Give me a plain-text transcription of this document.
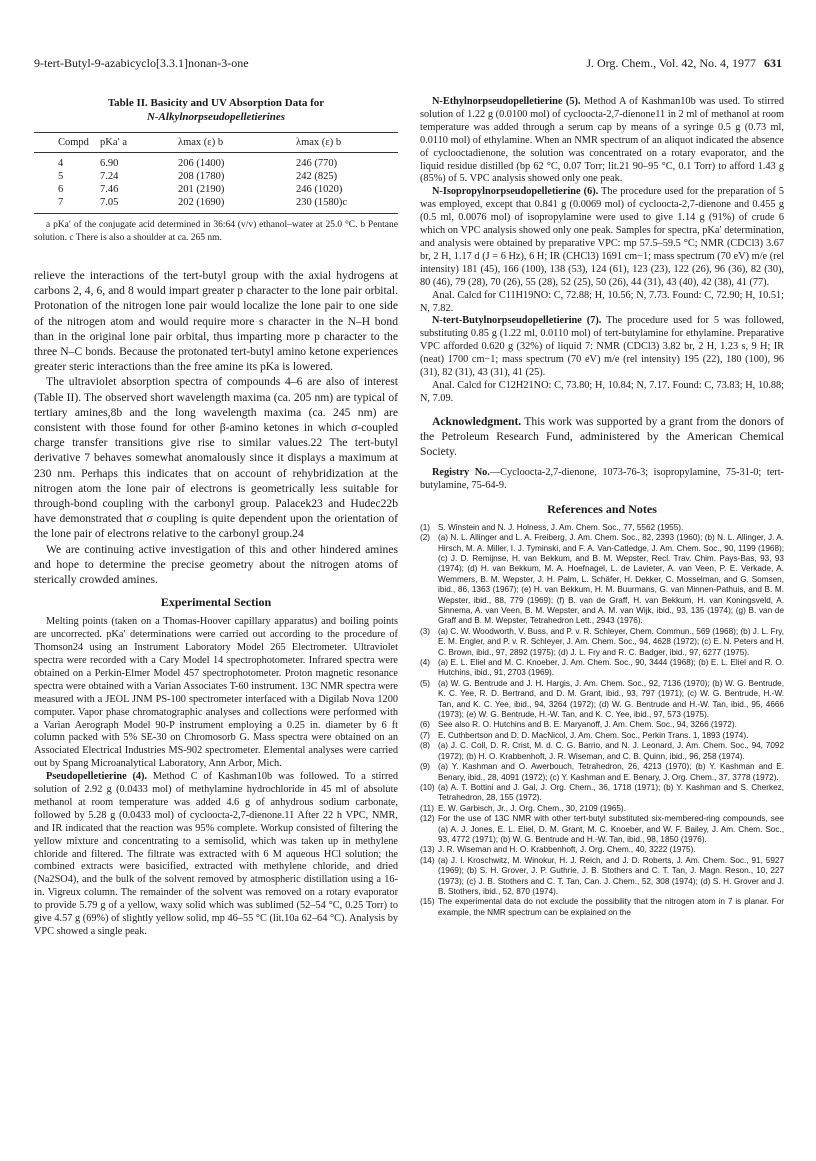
9-tert-Butyl-9-azabicyclo[3.3.1]nonan-3-one	J. Org. Chem., Vol. 42, No. 4, 1977 631
Table II. Basicity and UV Absorption Data for
N-Alkylnorpseudopelletierines
Compd	pKa′ a	λmax (ε) b	λmax (ε) b
4	6.90	206 (1400)	246 (770)
5	7.24	208 (1780)	242 (825)
6	7.46	201 (2190)	246 (1020)
7	7.05	202 (1690)	230 (1580)c
a pKa′ of the conjugate acid determined in 36:64 (v/v) ethanol–water at 25.0 °C. b Pentane solution. c There is also a shoulder at ca. 265 nm.

relieve the interactions of the tert-butyl group with the axial hydrogens at carbons 2, 4, 6, and 8 would impart greater p character to the lone pair orbital. Protonation of the nitrogen lone pair would localize the lone pair to one side of the nitrogen atom and would require more s character in the N–H bond than in the original lone pair orbital, thus imparting more p character to the three N–C bonds. Because the protonated tert-butyl amino ketone experiences greater steric interactions than the free amine its pKa is lowered.

The ultraviolet absorption spectra of compounds 4–6 are also of interest (Table II). The observed short wavelength maxima (ca. 205 nm) are typical of tertiary amines,8b and the long wavelength maxima (ca. 245 nm) are consistent with those found for other β-amino ketones in which σ-coupled charge transfer transitions give rise to similar values.22 The tert-butyl derivative 7 behaves somewhat anomalously since it displays a maximum at 230 nm. Perhaps this indicates that on account of rehybridization at the nitrogen atom the lone pair of electrons is geometrically less suitable for through-bond coupling with the carbonyl group. Palacek23 and Hudec22b have demonstrated that σ coupling is quite dependent upon the orientation of the lone pair of electrons relative to the carbonyl group.24

We are continuing active investigation of this and other hindered amines and hope to determine the precise geometry about the nitrogen atoms of sterically crowded amines.

Experimental Section

Melting points (taken on a Thomas-Hoover capillary apparatus) and boiling points are uncorrected. pKa′ determinations were carried out according to the procedure of Thomson24 using an Instrument Laboratory Model 265 Electrometer. Ultraviolet spectra were recorded with a Cary Model 14 spectrophotometer. Infrared spectra were obtained on a Perkin-Elmer Model 457 spectrophotometer. Proton magnetic resonance spectra were obtained with a Varian Associates T-60 instrument. 13C NMR spectra were measured with a JEOL JNM PS-100 spectrometer interfaced with a Digilab Nova 1200 computer. Vapor phase chromatographic analyses and collections were performed with a Varian Aerograph Model 90-P instrument employing a 0.25 in. diameter by 6 ft column packed with 5% SE-30 on Chromosorb G. Mass spectra were obtained on an Associated Electrical Industries MS-902 spectrometer. Elemental analyses were carried out by Spang Microanalytical Laboratory, Ann Arbor, Mich.

Pseudopelletierine (4). Method C of Kashman10b was followed. To a stirred solution of 2.92 g (0.0433 mol) of methylamine hydrochloride in 45 ml of absolute methanol at room temperature was added 4.6 g of anhydrous sodium carbonate, followed by 5.28 g (0.0433 mol) of cycloocta-2,7-dienone.11 After 22 h VPC, NMR, and IR indicated that the reaction was 95% complete. Workup consisted of filtering the yellow mixture and concentrating to a semisolid, which was taken up in methylene chloride and filtered. The filtrate was extracted with 6 M aqueous HCl solution; the combined extracts were basicified, extracted with methylene chloride, and dried (Na2SO4), and the bulk of the solvent removed by atmospheric distillation using a 16-in. Vigreux column. The remainder of the solvent was removed on a rotary evaporator to provide 5.79 g of a yellow, waxy solid which was sublimed (52–54 °C, 0.25 Torr) to give 4.57 g (69%) of slightly yellow solid, mp 46–55 °C (lit.10a 62–64 °C). Analysis by VPC showed a single peak.

N-Ethylnorpseudopelletierine (5). Method A of Kashman10b was used. To stirred solution of 1.22 g (0.0100 mol) of cycloocta-2,7-dienone11 in 2 ml of methanol at room temperature was added through a serum cap by means of a syringe 0.5 g (0.73 ml, 0.0110 mol) of ethylamine. When an NMR spectrum of an aliquot indicated the absence of cyclooctadienone, the solution was concentrated on a rotary evaporator, and the liquid residue distilled (bp 62 °C, 0.07 Torr; lit.21 90–95 °C, 0.1 Torr) to afford 1.43 g (85%) of 5. VPC analysis showed only one peak.

N-Isopropylnorpseudopelletierine (6). The procedure used for the preparation of 5 was employed, except that 0.841 g (0.0069 mol) of cycloocta-2,7-dienone and 0.455 g (0.5 ml, 0.0076 mol) of isopropylamine were used to give 1.14 g (91%) of crude 6 which on VPC analysis showed only one peak. Samples for spectra, pKa′ determination, and analysis were obtained by preparative VPC: mp 57.5–59.5 °C; NMR (CDCl3) 3.67 br, 2 H, 1.17 d (J = 6 Hz), 6 H; IR (CHCl3) 1691 cm−1; mass spectrum (70 eV) m/e (rel intensity) 181 (45), 166 (100), 138 (53), 124 (61), 123 (23), 122 (26), 96 (36), 82 (30), 80 (46), 79 (28), 70 (26), 55 (28), 52 (25), 50 (26), 44 (31), 43 (40), 42 (38), 41 (77).

Anal. Calcd for C11H19NO: C, 72.88; H, 10.56; N, 7.73. Found: C, 72.90; H, 10.51; N, 7.82.

N-tert-Butylnorpseudopelletierine (7). The procedure used for 5 was followed, substituting 0.85 g (1.22 ml, 0.0110 mol) of tert-butylamine for ethylamine. Preparative VPC afforded 0.620 g (32%) of liquid 7: NMR (CDCl3) 3.82 br, 2 H, 1.23 s, 9 H; IR (neat) 1700 cm−1; mass spectrum (70 eV) m/e (rel intensity) 195 (22), 180 (100), 96 (31), 82 (31), 43 (31), 41 (25).

Anal. Calcd for C12H21NO: C, 73.80; H, 10.84; N, 7.17. Found: C, 73.83; H, 10.88; N, 7.09.

Acknowledgment. This work was supported by a grant from the donors of the Petroleum Research Fund, administered by the American Chemical Society.
Registry No.—Cycloocta-2,7-dienone, 1073-76-3; isopropylamine, 75-31-0; tert-butylamine, 75-64-9.
References and Notes
(1) S. Winstein and N. J. Holness, J. Am. Chem. Soc., 77, 5562 (1955).
(2) (a) N. L. Allinger and L. A. Freiberg, J. Am. Chem. Soc., 82, 2393 (1960); (b) N. L. Allinger, J. A. Hirsch, M. A. Miller, I. J. Tyminski, and F. A. Van-Catledge, J. Am. Chem. Soc., 90, 1199 (1968); (c) J. D. Remijnse, H. van Bekkum, and B. M. Wepster, Recl. Trav. Chim. Pays-Bas, 93, 93 (1974); (d) H. van Bekkum, M. A. Hoefnagel, L. de Lavieter, A. van Veen, P. E. Verkade, A. Wemmers, B. M. Wepster, J. H. Palm, L. Schäfer, H. Dekker, C. Mosselman, and G. Somsen, ibid., 86, 1363 (1967); (e) H. van Bekkum, H. M. Buurmans, G. van Minnen-Pathuis, and B. M. Wepster, ibid., 88, 779 (1969); (f) B. van de Graff, H. van Bekkum, H. van Koningsveld, A. Sinnema, A. van Veen, B. M. Wepster, and A. M. van Wijk, ibid., 93, 135 (1974); (g) B. van de Graff and B. M. Wepster, Tetrahedron Lett., 2943 (1976).
(3) (a) C. W. Woodworth, V. Buss, and P. v. R. Schleyer, Chem. Commun., 569 (1968); (b) J. L. Fry, E. M. Engler, and P. v. R. Schleyer, J. Am. Chem. Soc., 94, 4628 (1972); (c) E. N. Peters and H. C. Brown, ibid., 97, 2892 (1975); (d) J. L. Fry and R. C. Badger, ibid., 97, 6277 (1975).
(4) (a) E. L. Eliel and M. C. Knoeber, J. Am. Chem. Soc., 90, 3444 (1968); (b) E. L. Eliel and R. O. Hutchins, ibid., 91, 2703 (1969).
(5) (a) W. G. Bentrude and J. H. Hargis, J. Am. Chem. Soc., 92, 7136 (1970); (b) W. G. Bentrude, K. C. Yee, R. D. Bertrand, and D. M. Grant, ibid., 93, 797 (1971); (c) W. G. Bentrude, H.-W. Tan, and K. C. Yee, ibid., 94, 3264 (1972); (d) W. G. Bentrude and H.-W. Tan, ibid., 95, 4666 (1973); (e) W. G. Bentrude, H.-W. Tan, and K. C. Yee, ibid., 97, 573 (1975).
(6) See also R. O. Hutchins and B. E. Maryanoff, J. Am. Chem. Soc., 94, 3266 (1972).
(7) E. Cuthbertson and D. D. MacNicol, J. Am. Chem. Soc., Perkin Trans. 1, 1893 (1974).
(8) (a) J. C. Coll, D. R. Crist, M. d. C. G. Barrio, and N. J. Leonard, J. Am. Chem. Soc., 94, 7092 (1972); (b) H. O. Krabbenhoft, J. R. Wiseman, and C. B. Quinn, ibid., 96, 258 (1974).
(9) (a) Y. Kashman and O. Awerbouch, Tetrahedron, 26, 4213 (1970); (b) Y. Kashman and E. Benary, ibid., 28, 4091 (1972); (c) Y. Kashman and E. Benary, J. Org. Chem., 37, 3778 (1972).
(10) (a) A. T. Bottini and J. Gal, J. Org. Chem., 36, 1718 (1971); (b) Y. Kashman and S. Cherkez, Tetrahedron, 28, 155 (1972).
(11) E. W. Garbisch, Jr., J. Org. Chem., 30, 2109 (1965).
(12) For the use of 13C NMR with other tert-butyl substituted six-membered-ring compounds, see (a) A. J. Jones, E. L. Eliel, D. M. Grant, M. C. Knoeber, and W. F. Bailey, J. Am. Chem. Soc., 93, 4772 (1971); (b) W. G. Bentrude and H.-W. Tan, ibid., 98, 1850 (1976).
(13) J. R. Wiseman and H. O. Krabbenhoft, J. Org. Chem., 40, 3222 (1975).
(14) (a) J. I. Kroschwitz, M. Winokur, H. J. Reich, and J. D. Roberts, J. Am. Chem. Soc., 91, 5927 (1969); (b) S. H. Grover, J. P. Guthrie, J. B. Stothers and C. T. Tan, J. Magn. Reson., 10, 227 (1973); (c) J. B. Stothers and C. T. Tan, Can. J. Chem., 52, 308 (1974); (d) S. H. Grover and J. B. Stothers, ibid., 52, 870 (1974).
(15) The experimental data do not exclude the possibility that the nitrogen atom in 7 is planar. For example, the NMR spectrum can be explained on the
